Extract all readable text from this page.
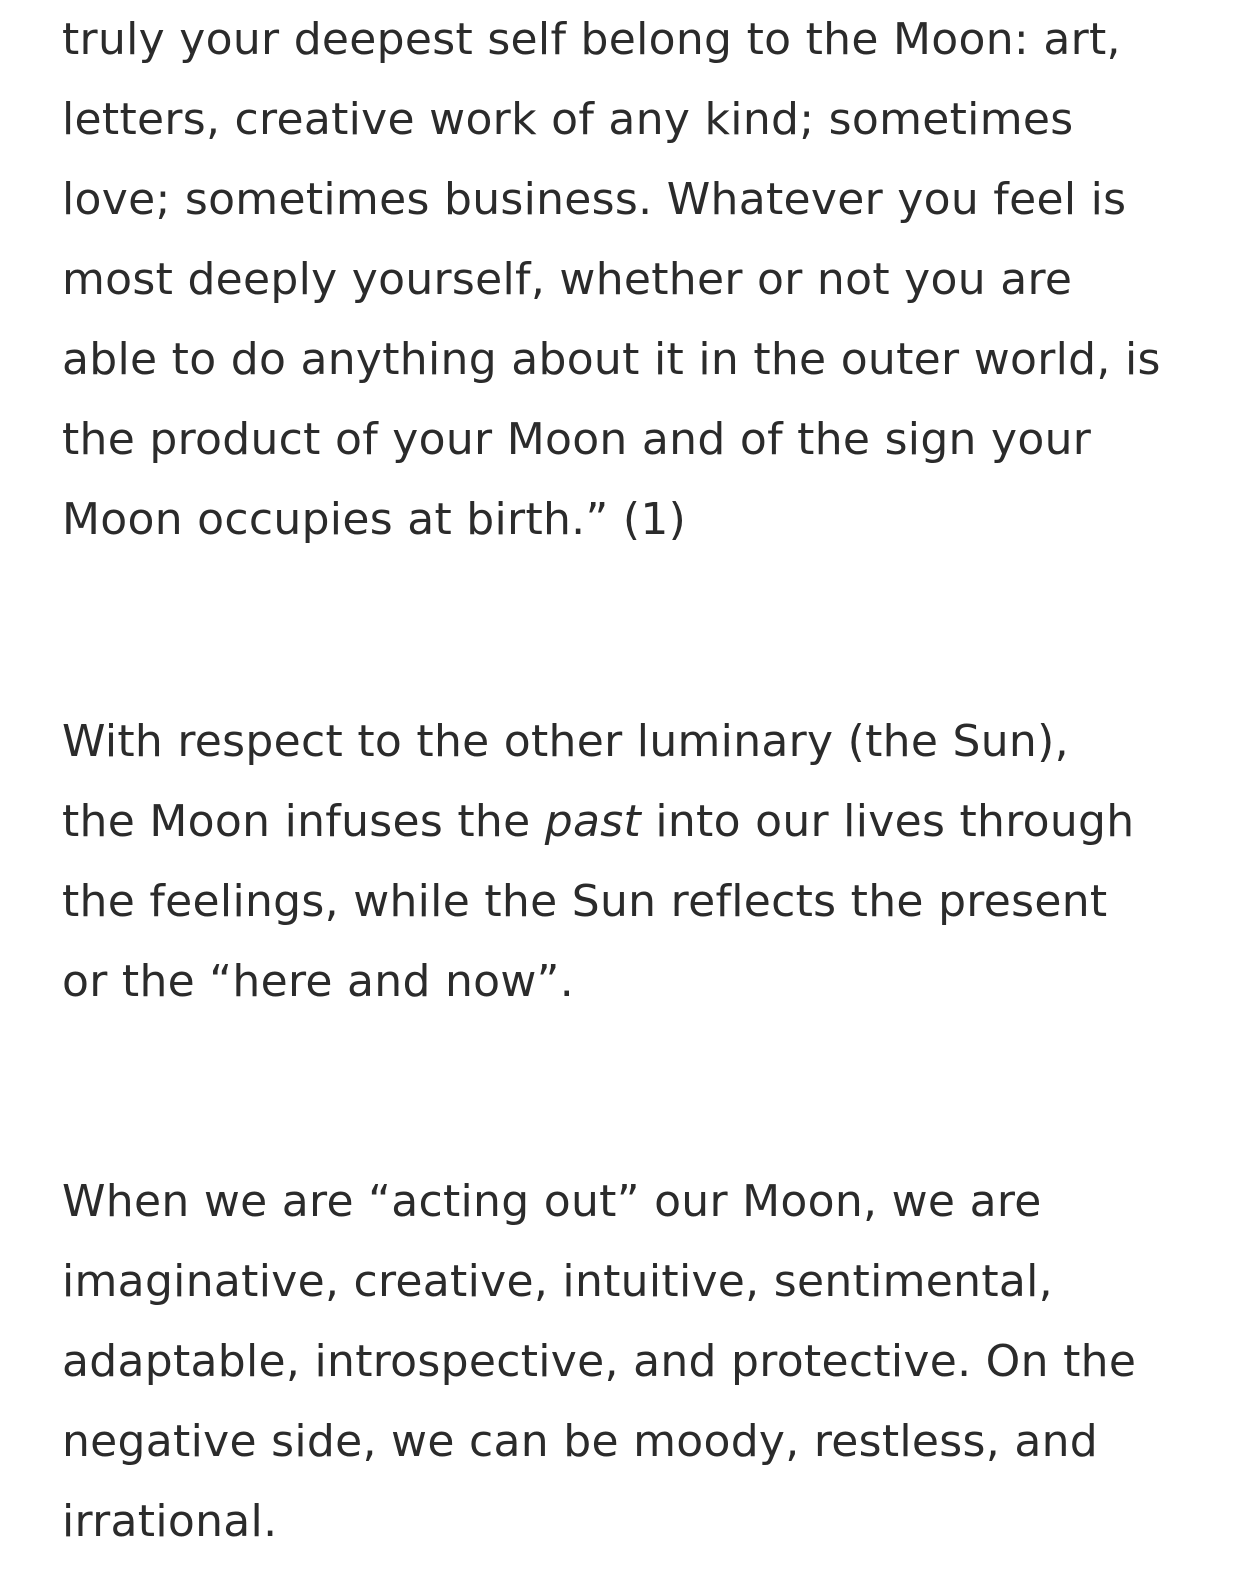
truly your deepest self belong to the Moon: art,
letters, creative work of any kind; sometimes
love; sometimes business. Whatever you feel is
most deeply yourself, whether or not you are
able to do anything about it in the outer world, is
the product of your Moon and of the sign your
Moon occupies at birth.” (1)

With respect to the other luminary (the Sun),
the Moon infuses the past into our lives through
the feelings, while the Sun reflects the present
or the “here and now”.

When we are “acting out” our Moon, we are
imaginative, creative, intuitive, sentimental,
adaptable, introspective, and protective. On the
negative side, we can be moody, restless, and
irrational.
